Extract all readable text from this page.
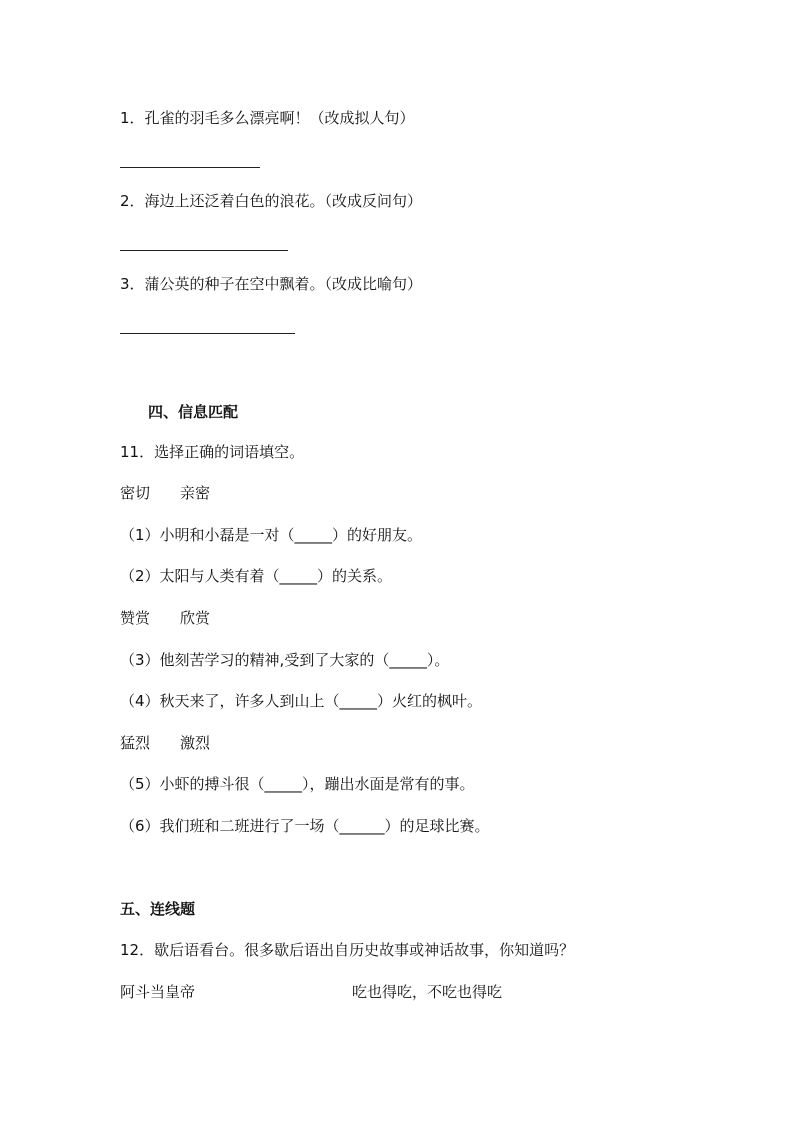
1．孔雀的羽毛多么漂亮啊！（改成拟人句）
2．海边上还泛着白色的浪花。（改成反问句）
3．蒲公英的种子在空中飘着。（改成比喻句）
四、信息匹配
11．选择正确的词语填空。
密切 亲密
（1）小明和小磊是一对（_____）的好朋友。
（2）太阳与人类有着（_____）的关系。
赞赏 欣赏
（3）他刻苦学习的精神,受到了大家的（_____）。
（4）秋天来了，许多人到山上（_____）火红的枫叶。
猛烈 激烈
（5）小虾的搏斗很（_____），蹦出水面是常有的事。
（6）我们班和二班进行了一场（______）的足球比赛。
五、连线题
12．歇后语看台。很多歇后语出自历史故事或神话故事，你知道吗？
阿斗当皇帝	吃也得吃，不吃也得吃
